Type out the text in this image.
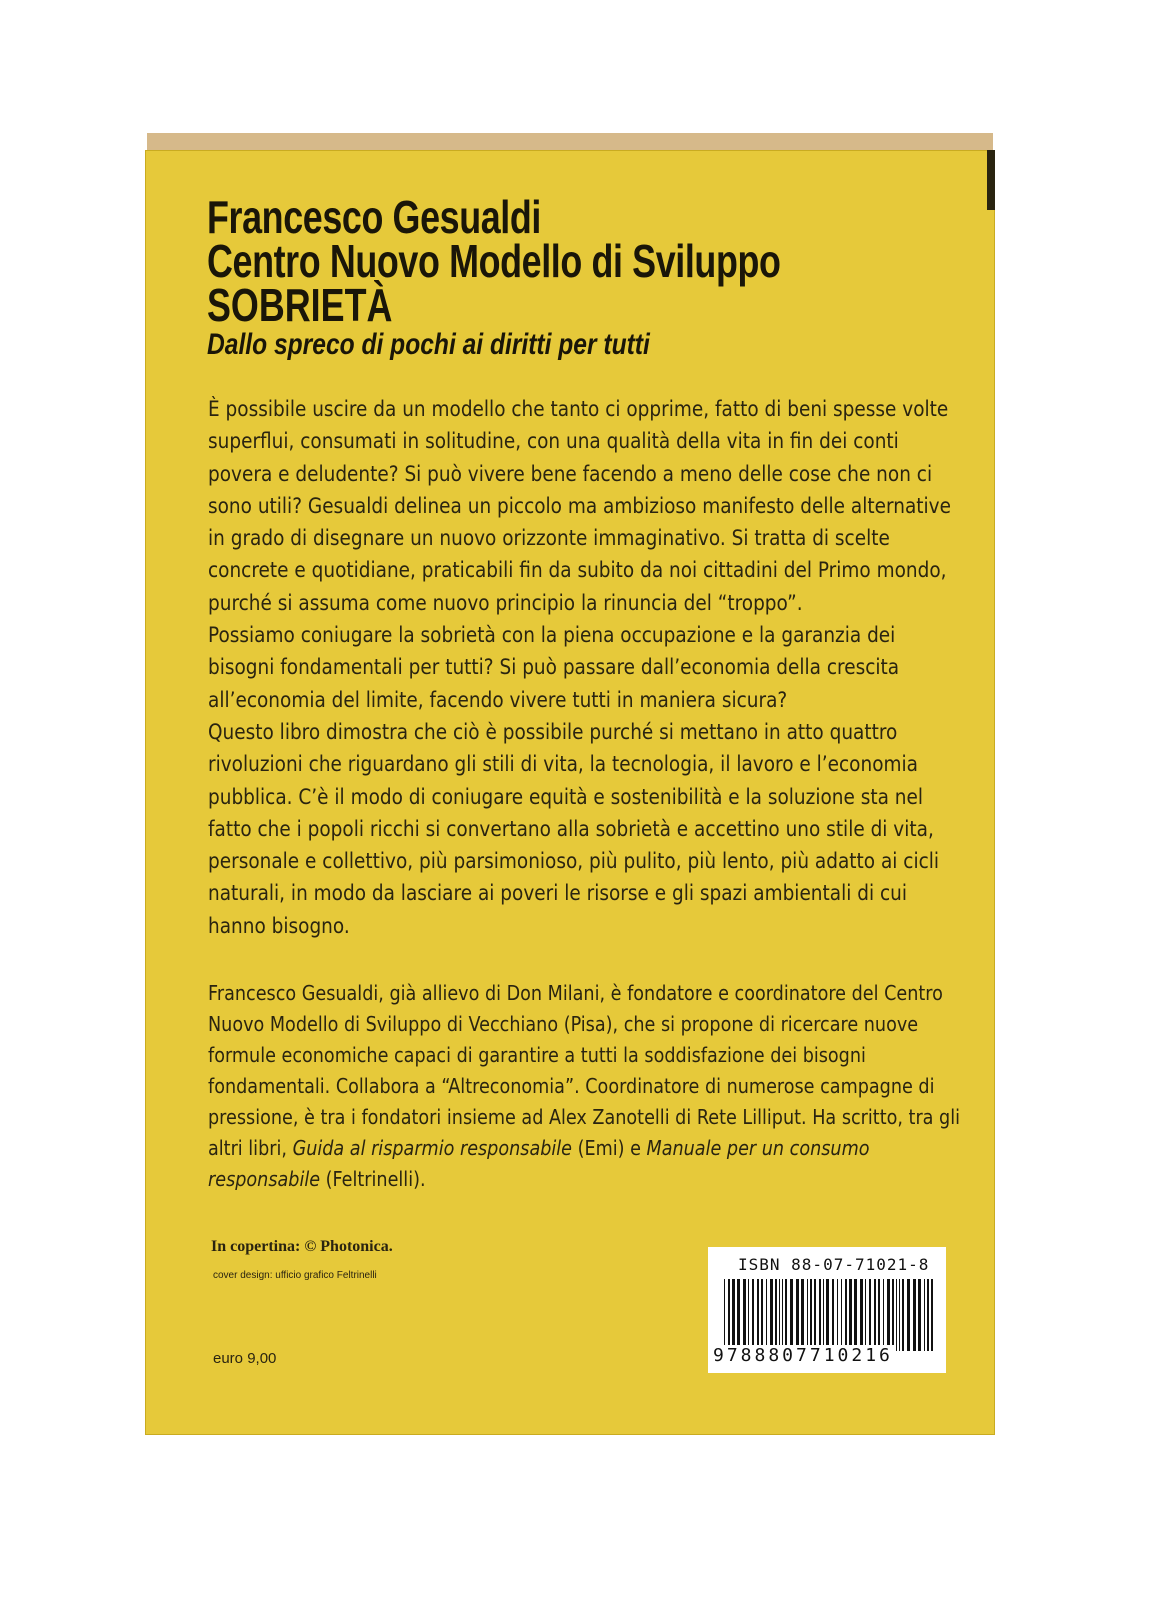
Francesco Gesualdi
Centro Nuovo Modello di Sviluppo
SOBRIETÀ
Dallo spreco di pochi ai diritti per tutti

È possibile uscire da un modello che tanto ci opprime, fatto di beni spesse volte superflui, consumati in solitudine, con una qualità della vita in fin dei conti povera e deludente? Si può vivere bene facendo a meno delle cose che non ci sono utili? Gesualdi delinea un piccolo ma ambizioso manifesto delle alternative in grado di disegnare un nuovo orizzonte immaginativo. Si tratta di scelte concrete e quotidiane, praticabili fin da subito da noi cittadini del Primo mondo, purché si assuma come nuovo principio la rinuncia del “troppo”.

Possiamo coniugare la sobrietà con la piena occupazione e la garanzia dei bisogni fondamentali per tutti? Si può passare dall’economia della crescita all’economia del limite, facendo vivere tutti in maniera sicura?

Questo libro dimostra che ciò è possibile purché si mettano in atto quattro rivoluzioni che riguardano gli stili di vita, la tecnologia, il lavoro e l’economia pubblica. C’è il modo di coniugare equità e sostenibilità e la soluzione sta nel fatto che i popoli ricchi si convertano alla sobrietà e accettino uno stile di vita, personale e collettivo, più parsimonioso, più pulito, più lento, più adatto ai cicli naturali, in modo da lasciare ai poveri le risorse e gli spazi ambientali di cui hanno bisogno.

Francesco Gesualdi, già allievo di Don Milani, è fondatore e coordinatore del Centro Nuovo Modello di Sviluppo di Vecchiano (Pisa), che si propone di ricercare nuove formule economiche capaci di garantire a tutti la soddisfazione dei bisogni fondamentali. Collabora a “Altreconomia”. Coordinatore di numerose campagne di pressione, è tra i fondatori insieme ad Alex Zanotelli di Rete Lilliput. Ha scritto, tra gli altri libri, Guida al risparmio responsabile (Emi) e Manuale per un consumo responsabile (Feltrinelli).

In copertina: © Photonica.
cover design: ufficio grafico Feltrinelli
euro 9,00
ISBN 88-07-71021-8
9788807710216
